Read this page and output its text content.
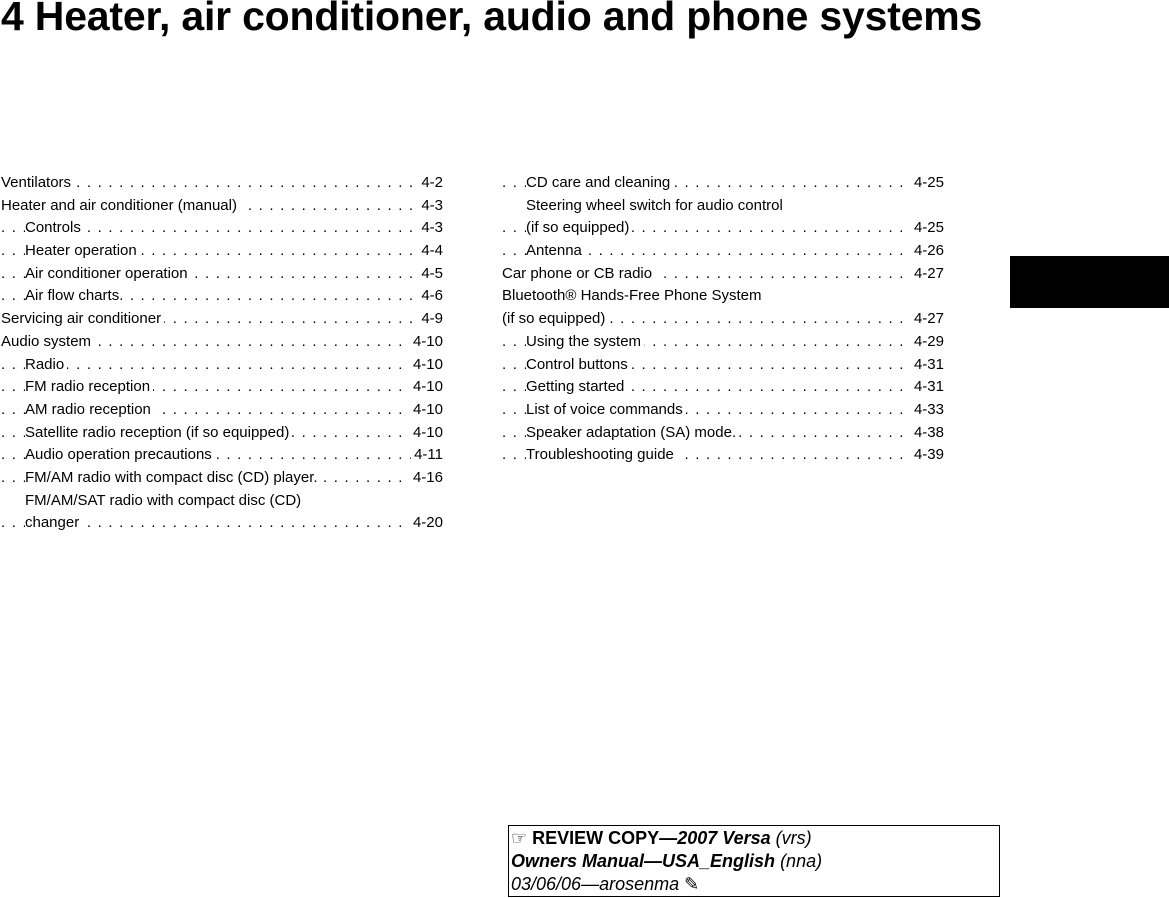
4 Heater, air conditioner, audio and phone systems
. . .
Ventilators	4-2
. . .
Heater and air conditioner (manual)	4-3
. . .
Controls	4-3
. . .
Heater operation	4-4
. . .
Air conditioner operation	4-5
. . .
Air flow charts.	4-6
. . .
Servicing air conditioner	4-9
. . .
Audio system	4-10
. . .
Radio	4-10
. . .
FM radio reception	4-10
. . .
AM radio reception	4-10
. . .
Satellite radio reception (if so equipped)	4-10
. . .
Audio operation precautions	4-11
. . .
FM/AM radio with compact disc (CD) player.	4-16
FM/AM/SAT radio with compact disc (CD)
. . .
changer	4-20
. . .
CD care and cleaning	4-25
Steering wheel switch for audio control
. . .
(if so equipped)	4-25
. . .
Antenna	4-26
. . .
Car phone or CB radio	4-27
Bluetooth® Hands-Free Phone System
. . .
(if so equipped)	4-27
. . .
Using the system	4-29
. . .
Control buttons	4-31
. . .
Getting started	4-31
. . .
List of voice commands	4-33
. . .
Speaker adaptation (SA) mode.	4-38
. . .
Troubleshooting guide	4-39
☞ REVIEW COPY—2007 Versa (vrs)
Owners Manual—USA_English (nna)
03/06/06—arosenma ✎
